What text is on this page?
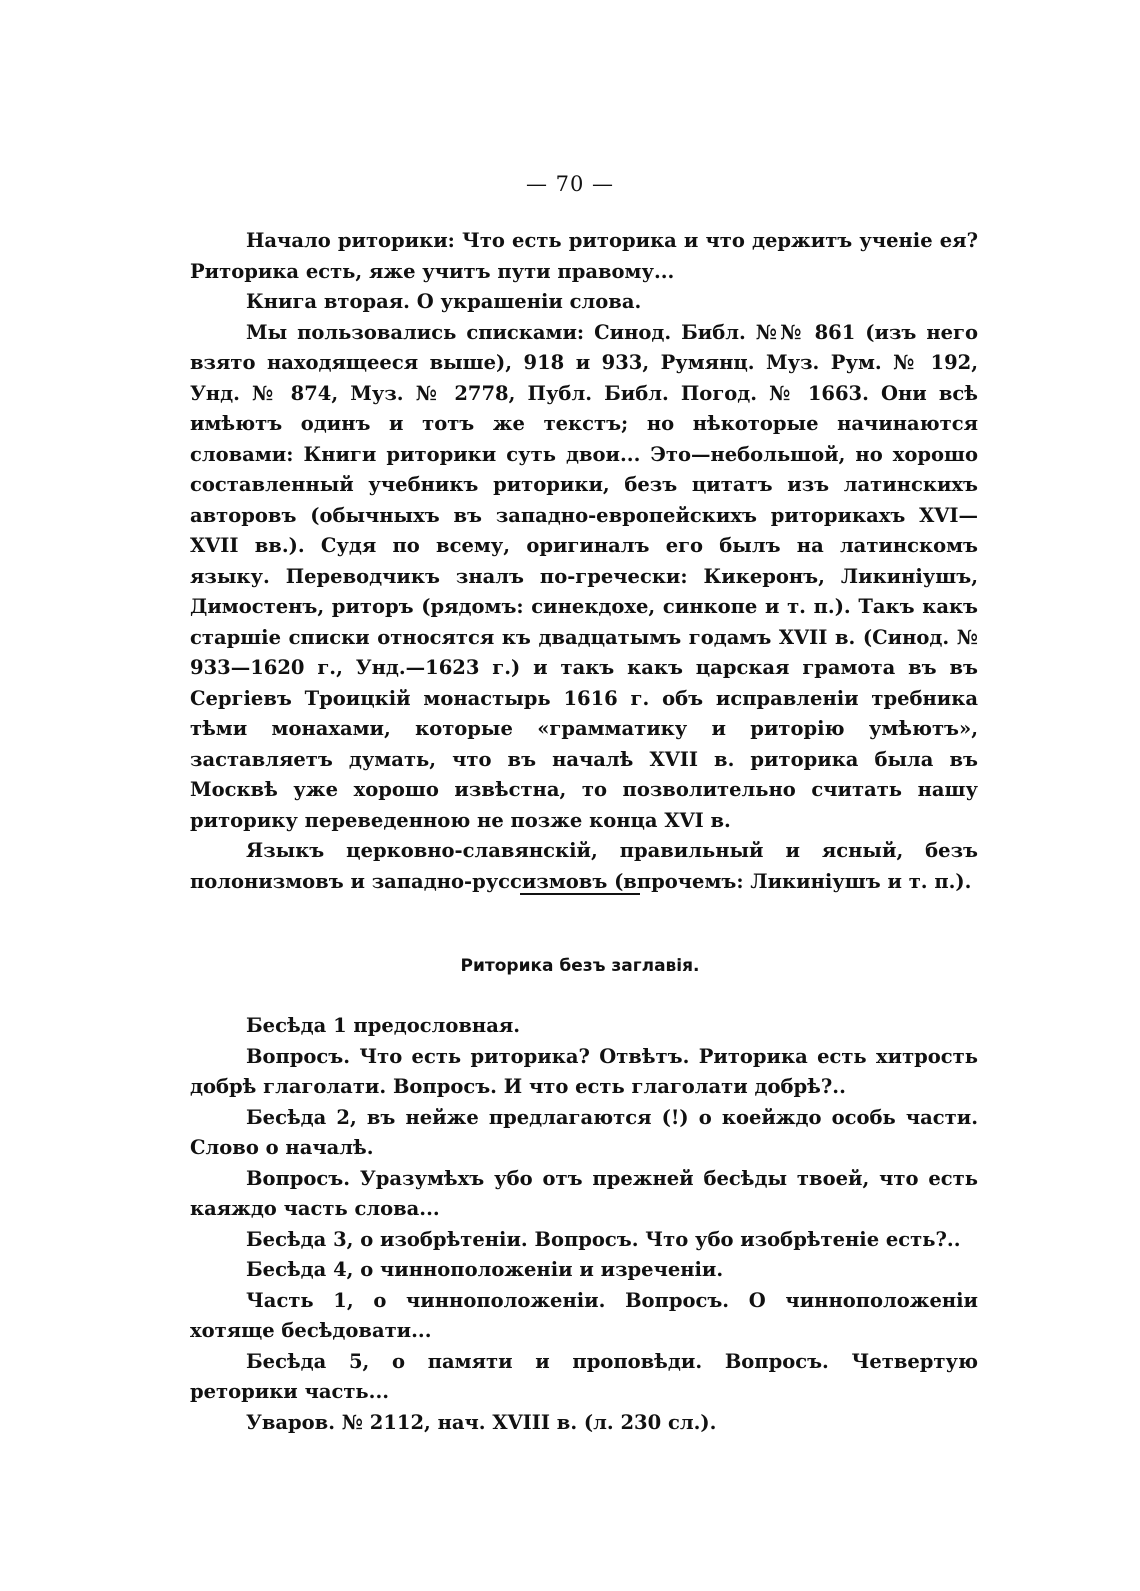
— 70 —

Начало риторики: Что есть риторика и что держитъ ученіе ея? Риторика есть, яже учитъ пути правому...

Книга вторая. О украшеніи слова.

Мы пользовались списками: Синод. Библ. №№ 861 (изъ него взято находящееся выше), 918 и 933, Румянц. Муз. Рум. № 192, Унд. № 874, Муз. № 2778, Публ. Библ. Погод. № 1663. Они всѣ имѣютъ одинъ и тотъ же текстъ; но нѣкоторые начинаются словами: Книги риторики суть двои... Это—небольшой, но хорошо составленный учебникъ риторики, безъ цитатъ изъ латинскихъ авторовъ (обычныхъ въ западно-европейскихъ риторикахъ XVI—XVII вв.). Судя по всему, оригиналъ его былъ на латинскомъ языку. Переводчикъ зналъ по-гречески: Кикеронъ, Ликиніушъ, Димостенъ, риторъ (рядомъ: синекдохе, синкопе и т. п.). Такъ какъ старшіе списки относятся къ двадцатымъ годамъ XVII в. (Синод. № 933—1620 г., Унд.—1623 г.) и такъ какъ царская грамота въ въ Сергіевъ Троицкій монастырь 1616 г. объ исправленіи требника тѣми монахами, которые «грамматику и риторію умѣютъ», заставляетъ думать, что въ началѣ XVII в. риторика была въ Москвѣ уже хорошо извѣстна, то позволительно считать нашу риторику переведенною не позже конца XVI в.

Языкъ церковно-славянскій, правильный и ясный, безъ полонизмовъ и западно-руссизмовъ (впрочемъ: Ликиніушъ и т. п.).

Риторика безъ заглавія.

Бесѣда 1 предословная.

Вопросъ. Что есть риторика? Отвѣтъ. Риторика есть хитрость добрѣ глаголати. Вопросъ. И что есть глаголати добрѣ?..

Бесѣда 2, въ нейже предлагаются (!) о коейждо особь части. Слово о началѣ.

Вопросъ. Уразумѣхъ убо отъ прежней бесѣды твоей, что есть каяждо часть слова...

Бесѣда 3, о изобрѣтеніи. Вопросъ. Что убо изобрѣтеніе есть?..

Бесѣда 4, о чинноположеніи и изреченіи.

Часть 1, о чинноположеніи. Вопросъ. О чинноположеніи хотяще бесѣдовати...

Бесѣда 5, о памяти и проповѣди. Вопросъ. Четвертую реторики часть...

Уваров. № 2112, нач. XVIII в. (л. 230 сл.).
